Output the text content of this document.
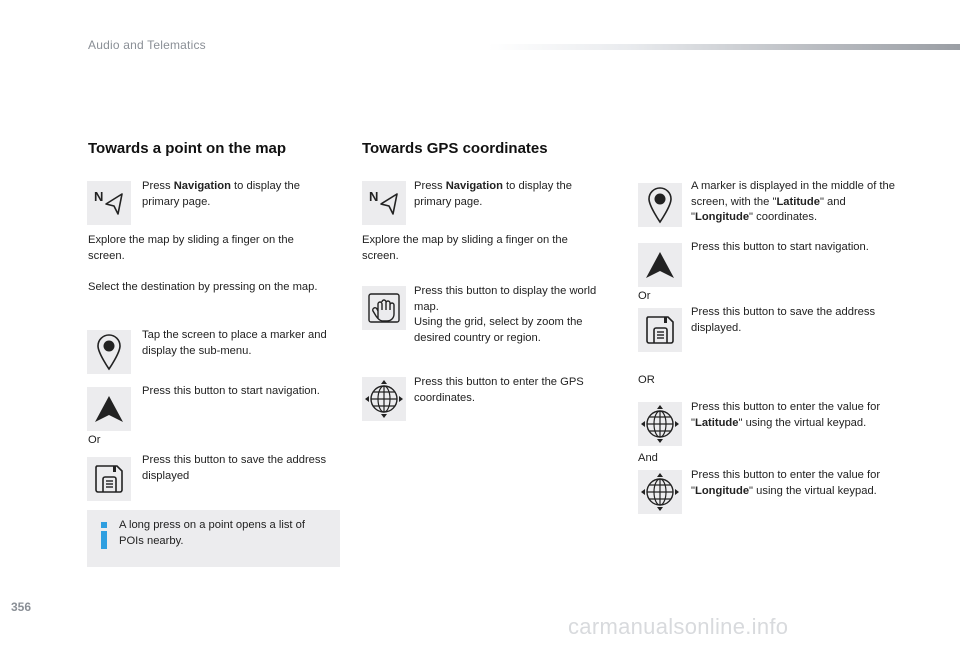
Audio and Telematics
Towards a point on the map
N
Press Navigation to display the primary page.
Explore the map by sliding a finger on the screen.
Select the destination by pressing on the map.
Tap the screen to place a marker and display the sub-menu.
Press this button to start navigation.
Or
Press this button to save the address displayed
A long press on a point opens a list of POIs nearby.
Towards GPS coordinates
N
Press Navigation to display the primary page.
Explore the map by sliding a finger on the screen.
Press this button to display the world map.
Using the grid, select by zoom the desired country or region.
Press this button to enter the GPS coordinates.
A marker is displayed in the middle of the screen, with the "Latitude" and "Longitude" coordinates.
Press this button to start navigation.
Or
Press this button to save the address displayed.
OR
Press this button to enter the value for "Latitude" using the virtual keypad.
And
Press this button to enter the value for "Longitude" using the virtual keypad.
356
carmanualsonline.info
